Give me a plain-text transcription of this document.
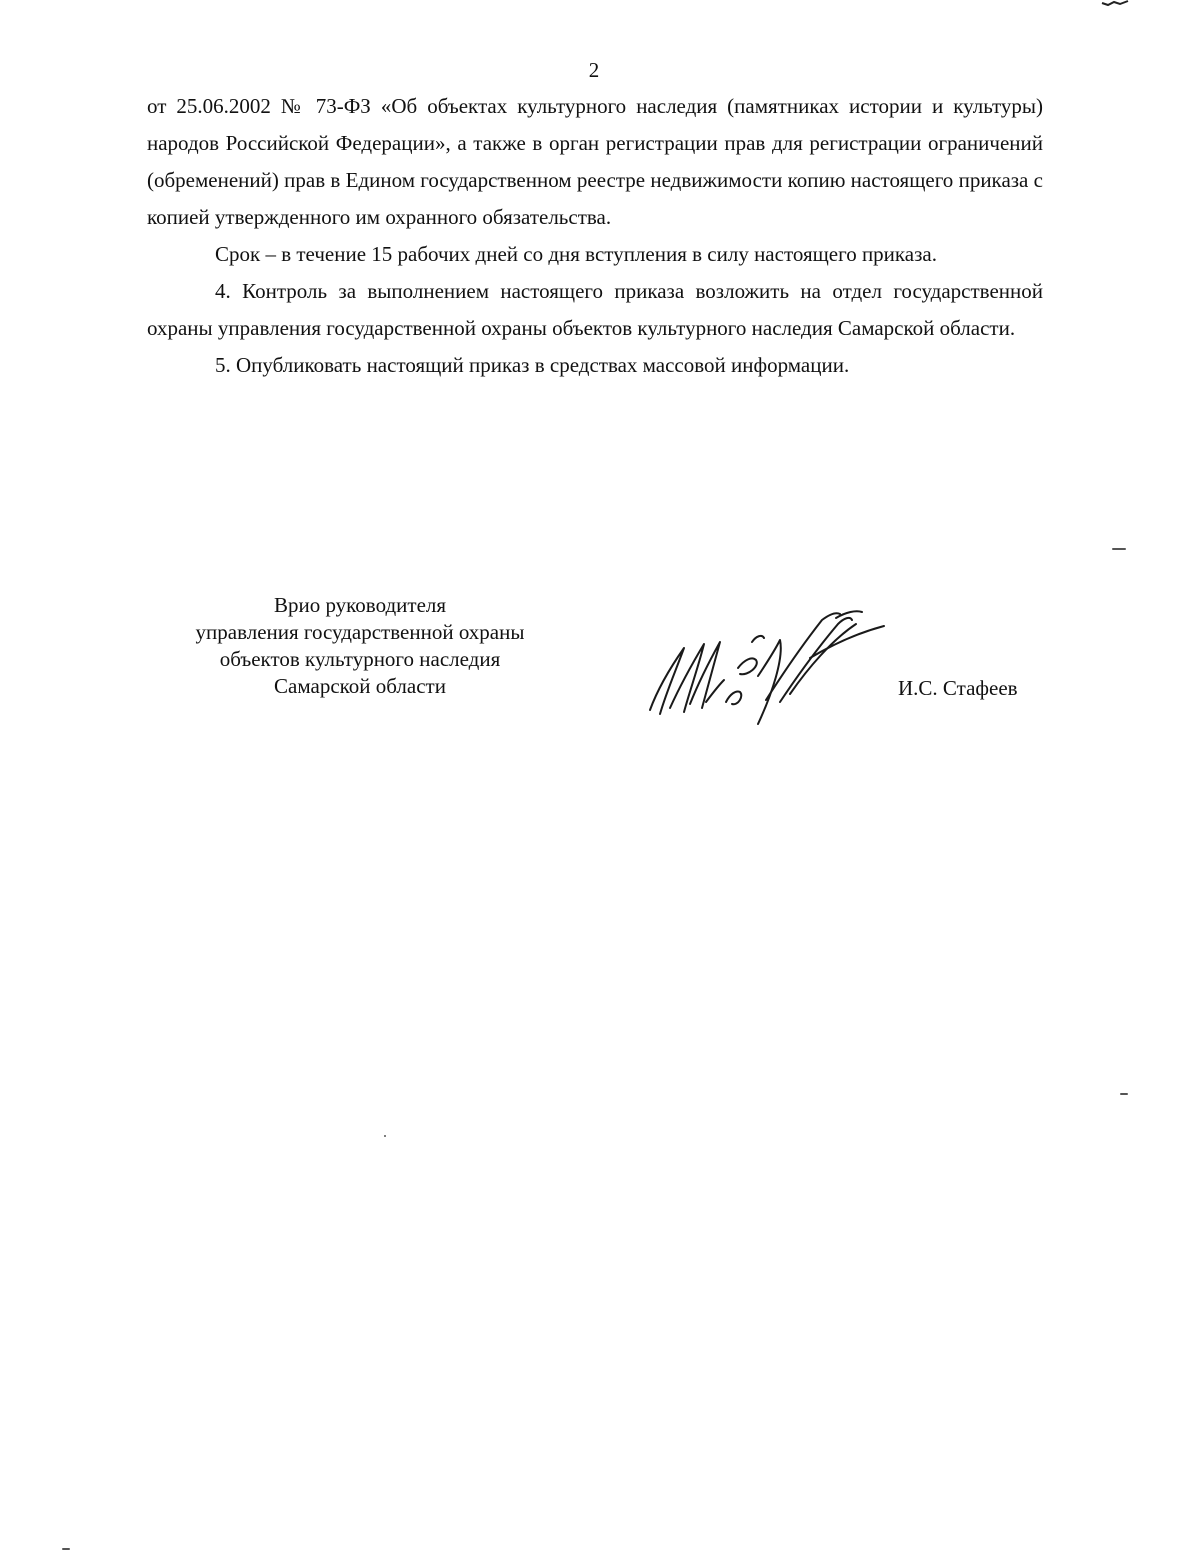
2

от 25.06.2002 № 73-ФЗ «Об объектах культурного наследия (памятниках истории и культуры) народов Российской Федерации», а также в орган регистрации прав для регистрации ограничений (обременений) прав в Едином государственном реестре недвижимости копию настоящего приказа с копией утвержденного им охранного обязательства.

Срок – в течение 15 рабочих дней со дня вступления в силу настоящего приказа.

4. Контроль за выполнением настоящего приказа возложить на отдел государственной охраны управления государственной охраны объектов культурного наследия Самарской области.

5. Опубликовать настоящий приказ в средствах массовой информации.

Врио руководителя
управления государственной охраны
объектов культурного наследия
Самарской области	И.С. Стафеев
